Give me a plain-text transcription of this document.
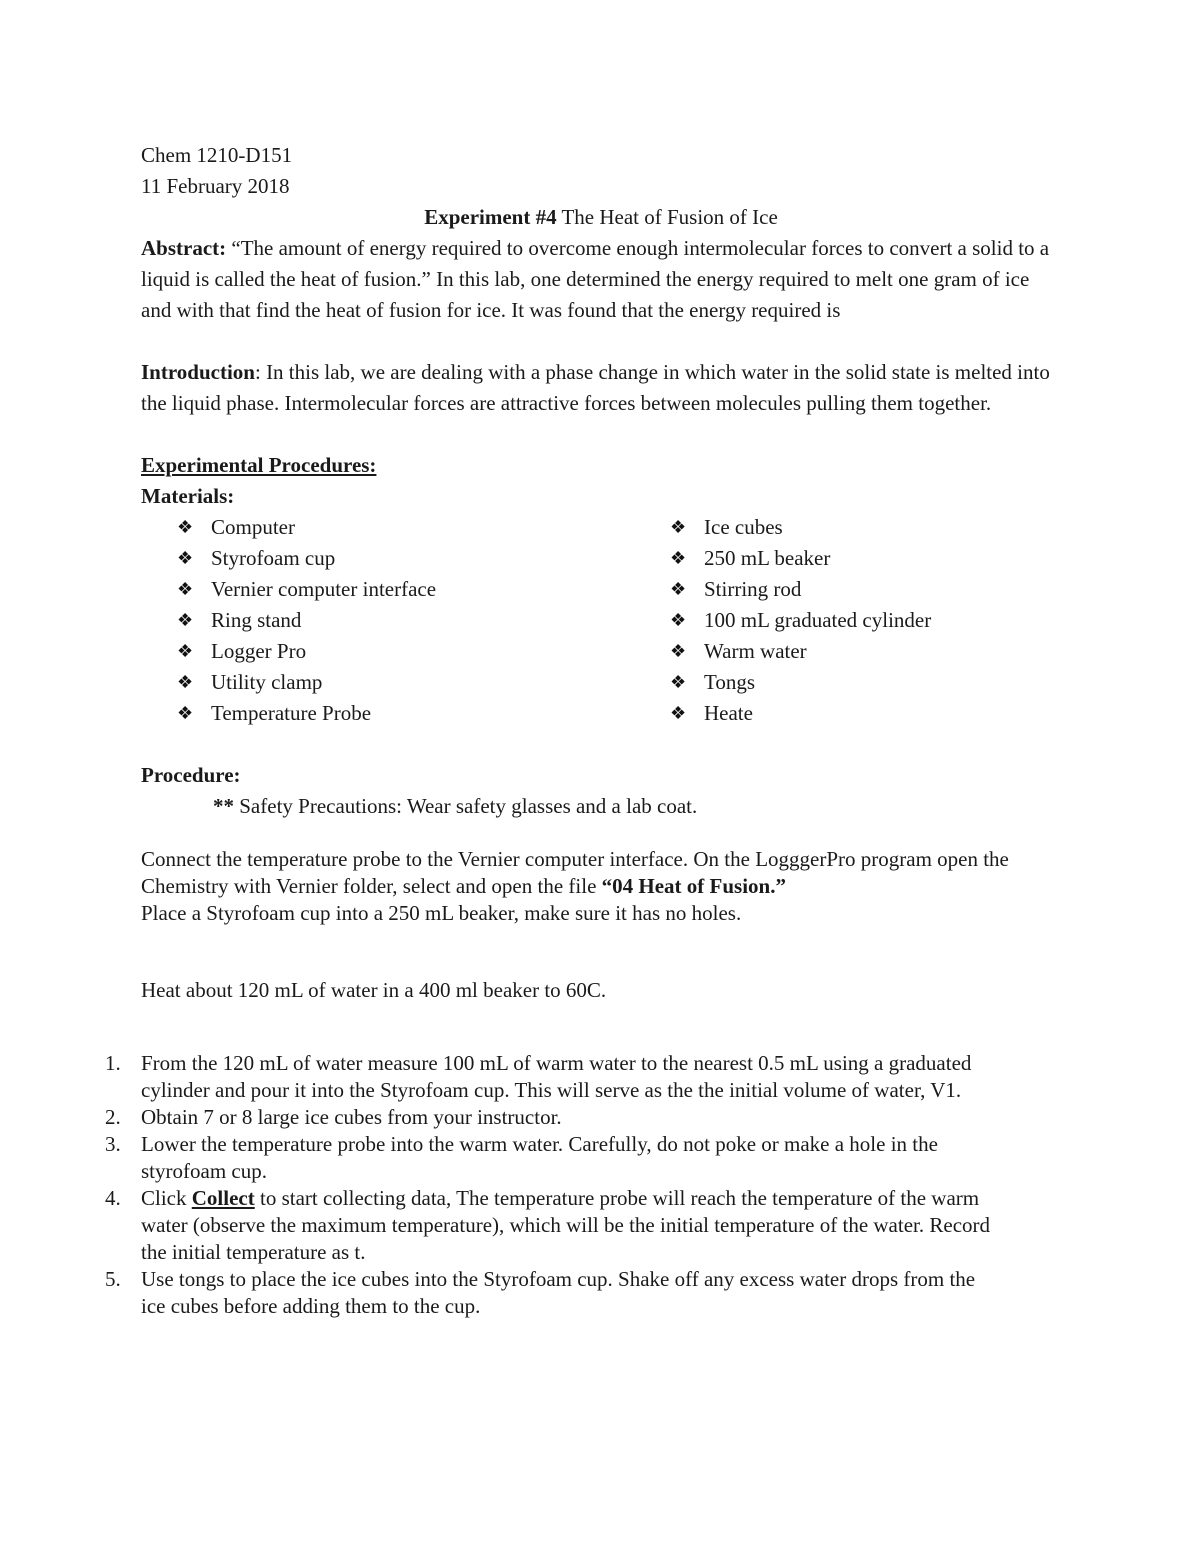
Chem 1210-D151

11 February 2018

Experiment #4 The Heat of Fusion of Ice

Abstract: “The amount of energy required to overcome enough intermolecular forces to convert a solid to a liquid is called the heat of fusion.” In this lab, one determined the energy required to melt one gram of ice and with that find the heat of fusion for ice. It was found that the energy required is

Introduction: In this lab, we are dealing with a phase change in which water in the solid state is melted into the liquid phase. Intermolecular forces are attractive forces between molecules pulling them together.

Experimental Procedures:

Materials:

❖ Computer
❖ Styrofoam cup
❖ Vernier computer interface
❖ Ring stand
❖ Logger Pro
❖ Utility clamp
❖ Temperature Probe
❖ Ice cubes
❖ 250 mL beaker
❖ Stirring rod
❖ 100 mL graduated cylinder
❖ Warm water
❖ Tongs
❖ Heate

Procedure:

** Safety Precautions: Wear safety glasses and a lab coat.

Connect the temperature probe to the Vernier computer interface. On the LogggerPro program open the Chemistry with Vernier folder, select and open the file “04 Heat of Fusion.”

Place a Styrofoam cup into a 250 mL beaker, make sure it has no holes.

Heat about 120 mL of water in a 400 ml beaker to 60C.

1. From the 120 mL of water measure 100 mL of warm water to the nearest 0.5 mL using a graduated cylinder and pour it into the Styrofoam cup. This will serve as the the initial volume of water, V1.
2. Obtain 7 or 8 large ice cubes from your instructor.
3. Lower the temperature probe into the warm water. Carefully, do not poke or make a hole in the styrofoam cup.
4. Click Collect to start collecting data, The temperature probe will reach the temperature of the warm water (observe the maximum temperature), which will be the initial temperature of the water. Record the initial temperature as t.
5. Use tongs to place the ice cubes into the Styrofoam cup. Shake off any excess water drops from the ice cubes before adding them to the cup.
